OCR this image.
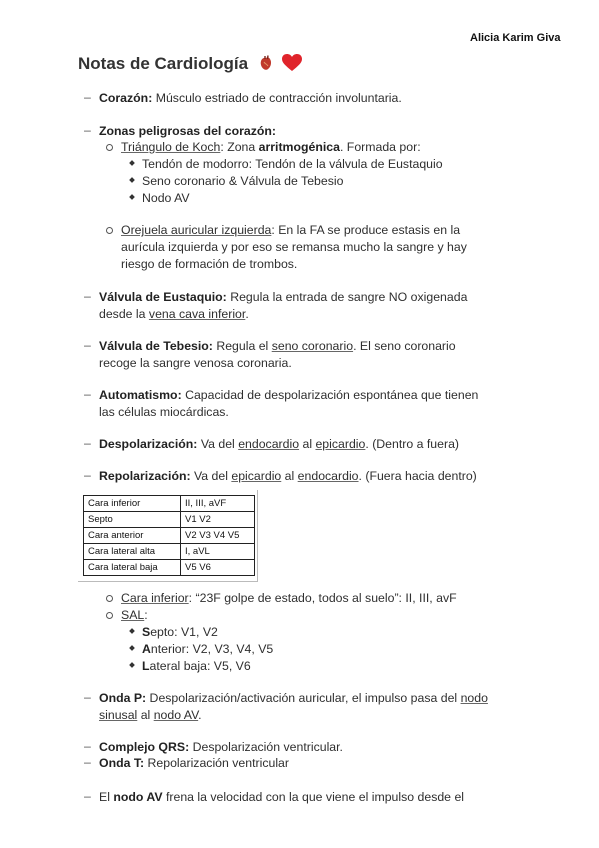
Alicia Karim Giva
Notas de Cardiología
– Corazón: Músculo estriado de contracción involuntaria.
– Zonas peligrosas del corazón:
Triángulo de Koch: Zona arritmogénica. Formada por:
Tendón de modorro: Tendón de la válvula de Eustaquio
Seno coronario & Válvula de Tebesio
Nodo AV
Orejuela auricular izquierda: En la FA se produce estasis en la
aurícula izquierda y por eso se remansa mucho la sangre y hay
riesgo de formación de trombos.
– Válvula de Eustaquio: Regula la entrada de sangre NO oxigenada
desde la vena cava inferior.
– Válvula de Tebesio: Regula el seno coronario. El seno coronario
recoge la sangre venosa coronaria.
– Automatismo: Capacidad de despolarización espontánea que tienen
las células miocárdicas.
– Despolarización: Va del endocardio al epicardio. (Dentro a fuera)
– Repolarización: Va del epicardio al endocardio. (Fuera hacia dentro)
Cara inferior	II, III, aVF
Septo	V1 V2
Cara anterior	V2 V3 V4 V5
Cara lateral alta	I, aVL
Cara lateral baja	V5 V6
Cara inferior: “23F golpe de estado, todos al suelo”: II, III, avF
SAL:
Septo: V1, V2
Anterior: V2, V3, V4, V5
Lateral baja: V5, V6
– Onda P: Despolarización/activación auricular, el impulso pasa del nodo
sinusal al nodo AV.
– Complejo QRS: Despolarización ventricular.
– Onda T: Repolarización ventricular
– El nodo AV frena la velocidad con la que viene el impulso desde el
